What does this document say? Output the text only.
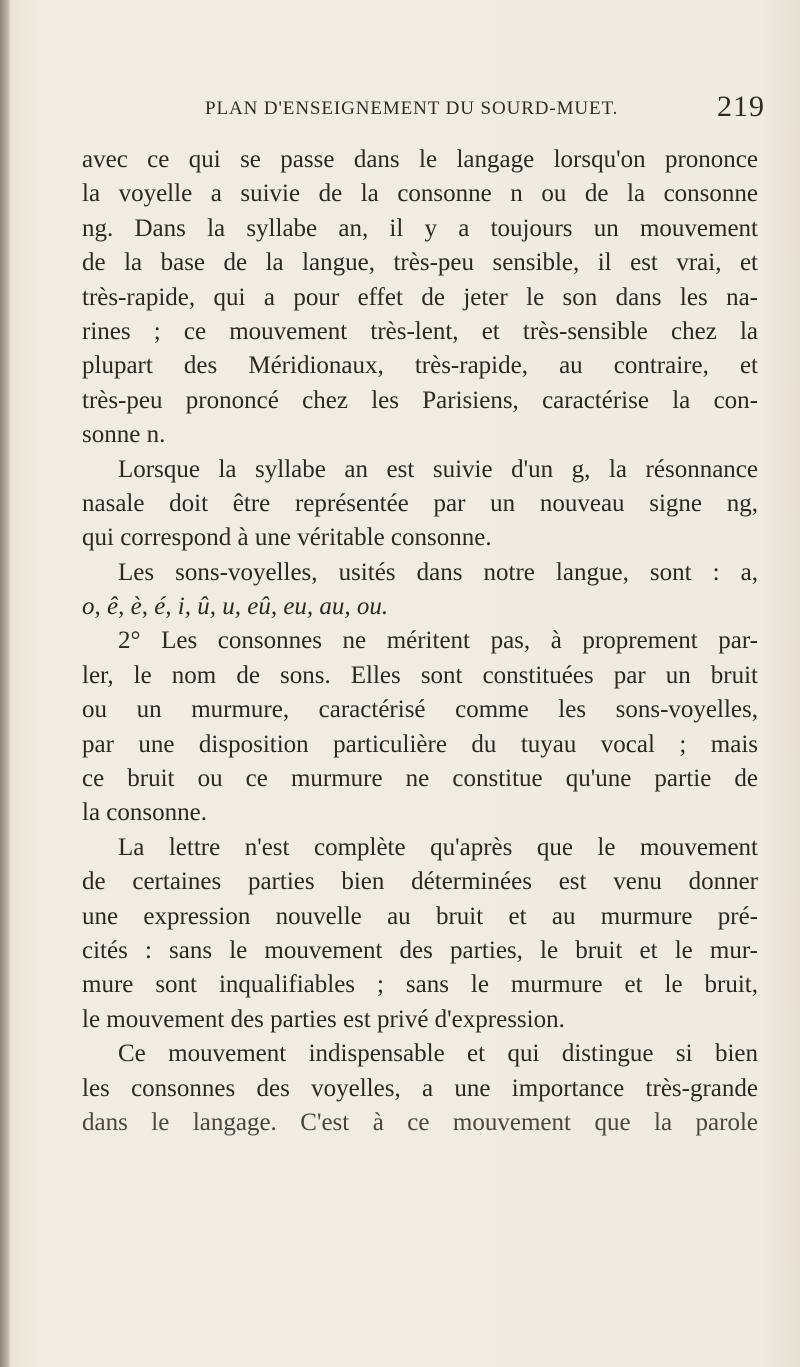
PLAN D'ENSEIGNEMENT DU SOURD-MUET.	219
avec ce qui se passe dans le langage lorsqu'on prononce
la voyelle a suivie de la consonne n ou de la consonne
ng. Dans la syllabe an, il y a toujours un mouvement
de la base de la langue, très-peu sensible, il est vrai, et
très-rapide, qui a pour effet de jeter le son dans les na-
rines ; ce mouvement très-lent, et très-sensible chez la
plupart des Méridionaux, très-rapide, au contraire, et
très-peu prononcé chez les Parisiens, caractérise la con-
sonne n.
Lorsque la syllabe an est suivie d'un g, la résonnance
nasale doit être représentée par un nouveau signe ng,
qui correspond à une véritable consonne.
Les sons-voyelles, usités dans notre langue, sont : a,
o, ê, è, é, i, û, u, eû, eu, au, ou.
2° Les consonnes ne méritent pas, à proprement par-
ler, le nom de sons. Elles sont constituées par un bruit
ou un murmure, caractérisé comme les sons-voyelles,
par une disposition particulière du tuyau vocal ; mais
ce bruit ou ce murmure ne constitue qu'une partie de
la consonne.
La lettre n'est complète qu'après que le mouvement
de certaines parties bien déterminées est venu donner
une expression nouvelle au bruit et au murmure pré-
cités : sans le mouvement des parties, le bruit et le mur-
mure sont inqualifiables ; sans le murmure et le bruit,
le mouvement des parties est privé d'expression.
Ce mouvement indispensable et qui distingue si bien
les consonnes des voyelles, a une importance très-grande
dans le langage. C'est à ce mouvement que la parole
